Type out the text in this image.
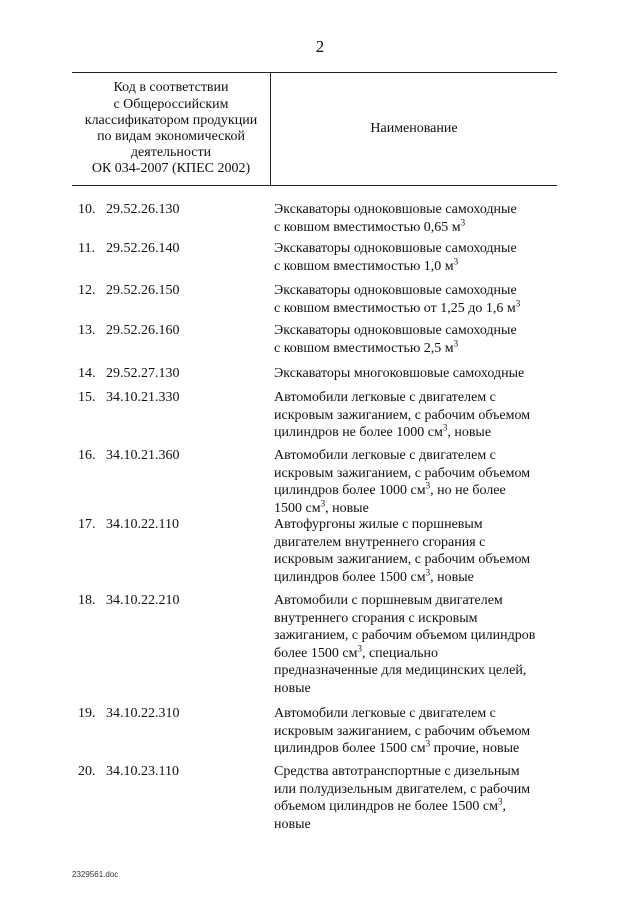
2
Код в соответствии
с Общероссийским
классификатором продукции
по видам экономической
деятельности
ОК 034-2007 (КПЕС 2002)
Наименование
10. 29.52.26.130	Экскаваторы одноковшовые самоходные
с ковшом вместимостью 0,65 $м^3$
11. 29.52.26.140	Экскаваторы одноковшовые самоходные
с ковшом вместимостью 1,0 $м^3$
12. 29.52.26.150	Экскаваторы одноковшовые самоходные
с ковшом вместимостью от 1,25 до 1,6 $м^3$
13. 29.52.26.160	Экскаваторы одноковшовые самоходные
с ковшом вместимостью 2,5 $м^3$
14. 29.52.27.130	Экскаваторы многоковшовые самоходные
15. 34.10.21.330	Автомобили легковые с двигателем с
искровым зажиганием, с рабочим объемом
цилиндров не более 1000 $см^3$, новые
16. 34.10.21.360	Автомобили легковые с двигателем с
искровым зажиганием, с рабочим объемом
цилиндров более 1000 $см^3$, но не более
1500 $см^3$, новые
17. 34.10.22.110	Автофургоны жилые с поршневым
двигателем внутреннего сгорания с
искровым зажиганием, с рабочим объемом
цилиндров более 1500 $см^3$, новые
18. 34.10.22.210	Автомобили с поршневым двигателем
внутреннего сгорания с искровым
зажиганием, с рабочим объемом цилиндров
более 1500 $см^3$, специально
предназначенные для медицинских целей,
новые
19. 34.10.22.310	Автомобили легковые с двигателем с
искровым зажиганием, с рабочим объемом
цилиндров более 1500 $см^3$ прочие, новые
20. 34.10.23.110	Средства автотранспортные с дизельным
или полудизельным двигателем, с рабочим
объемом цилиндров не более 1500 $см^3$,
новые
2329561.doc
